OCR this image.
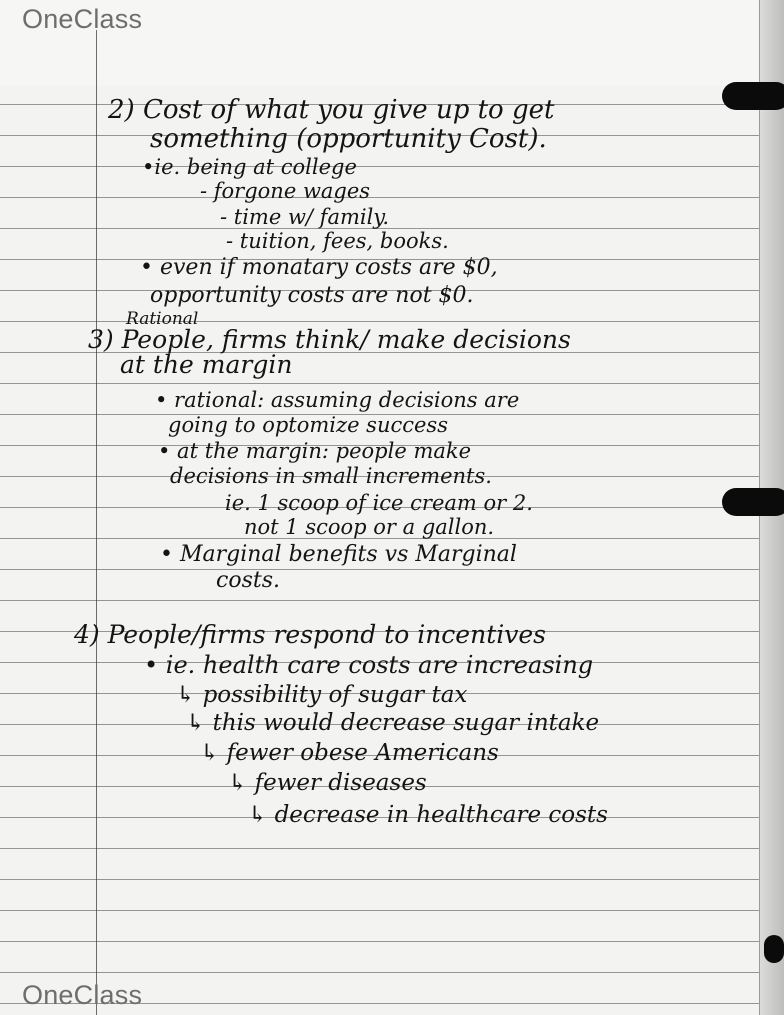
OneClass
OneClass
2) Cost of what you give up to get
something (opportunity Cost).
•ie. being at college
- forgone wages
- time w/ family.
- tuition, fees, books.
• even if monatary costs are $0,
opportunity costs are not $0.
Rational
3) People, firms think/ make decisions
at the margin
• rational: assuming decisions are
going to optomize success
• at the margin: people make
decisions in small increments.
ie. 1 scoop of ice cream or 2.
not 1 scoop or a gallon.
• Marginal benefits vs Marginal
costs.
4) People/firms respond to incentives
• ie. health care costs are increasing
↳ possibility of sugar tax
↳ this would decrease sugar intake
↳ fewer obese Americans
↳ fewer diseases
↳ decrease in healthcare costs
